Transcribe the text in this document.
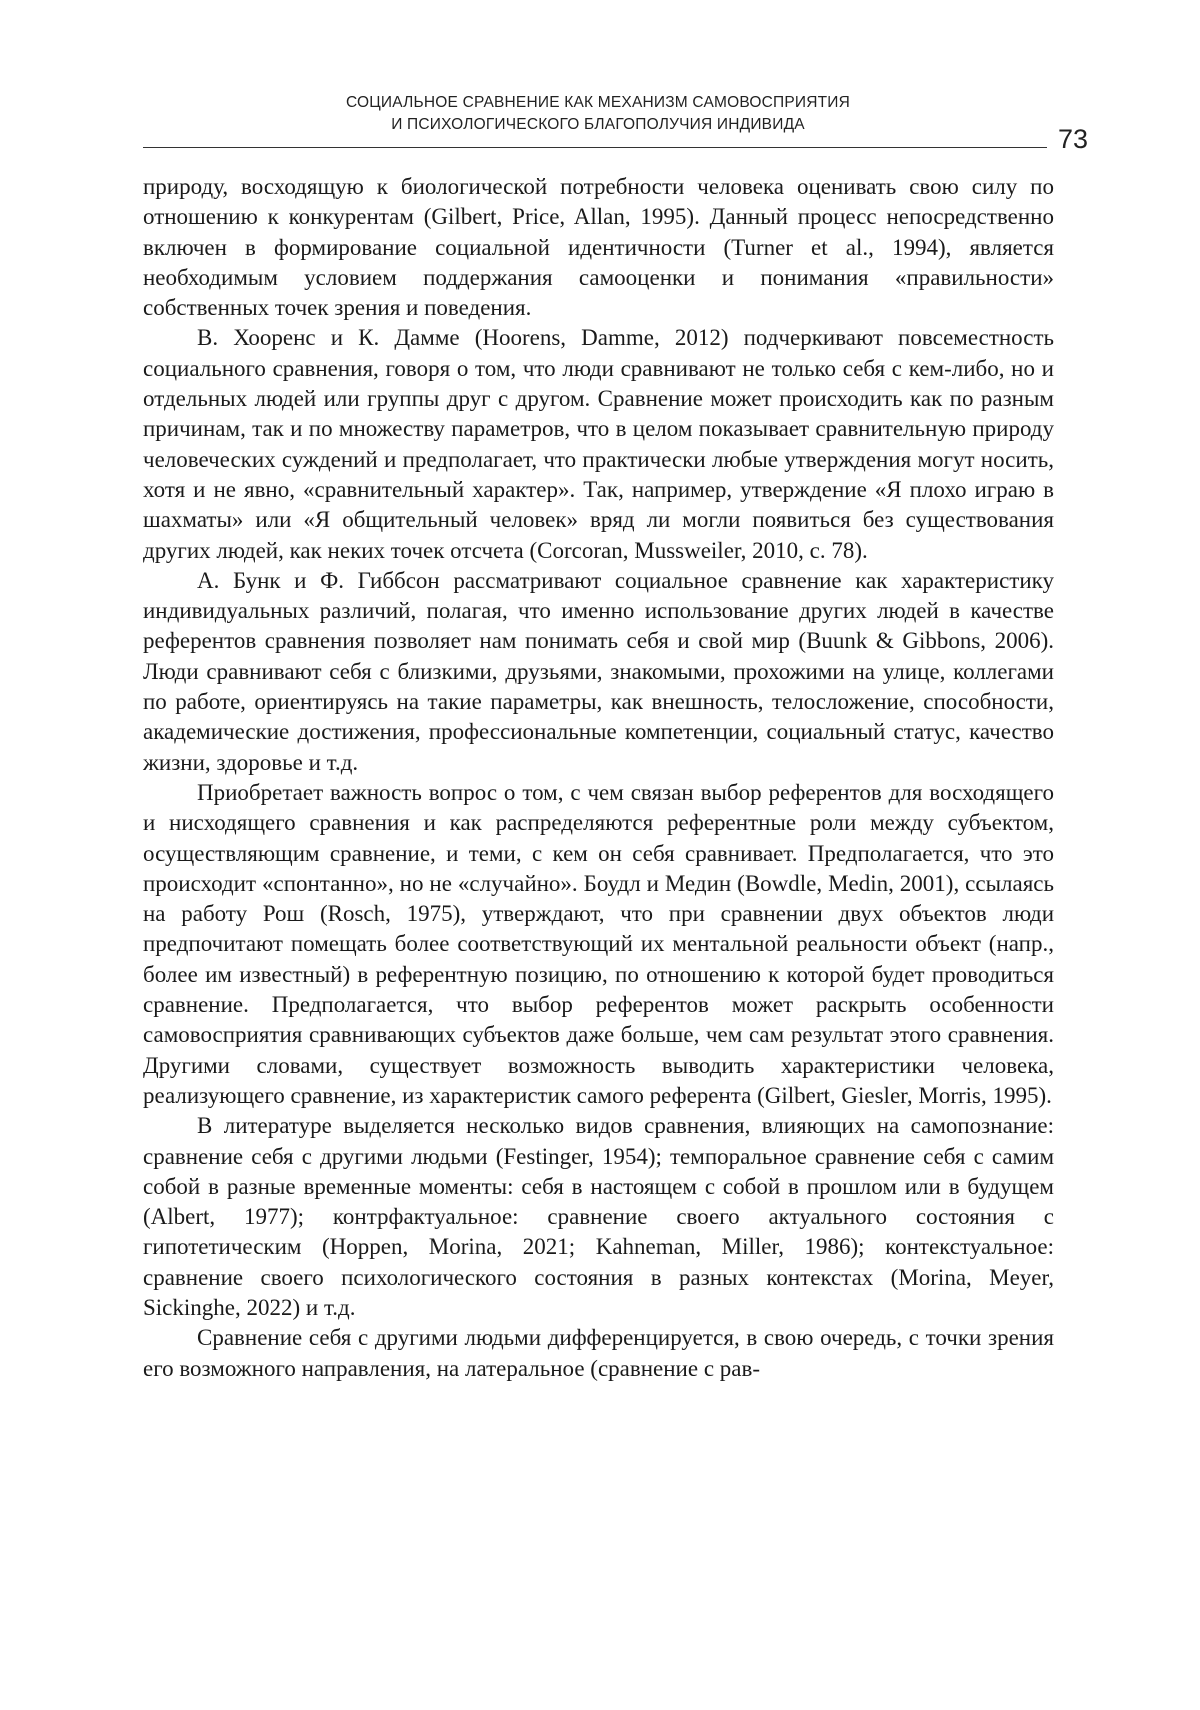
СОЦИАЛЬНОЕ СРАВНЕНИЕ КАК МЕХАНИЗМ САМОВОСПРИЯТИЯ
И ПСИХОЛОГИЧЕСКОГО БЛАГОПОЛУЧИЯ ИНДИВИДА	73

природу, восходящую к биологической потребности человека оценивать свою силу по отношению к конкурентам (Gilbert, Price, Allan, 1995). Данный процесс непосредственно включен в формирование социальной идентичности (Turner et al., 1994), является необходимым условием поддержания самооценки и понимания «правильности» собственных точек зрения и поведения.

В. Хооренс и К. Дамме (Hoorens, Damme, 2012) подчеркивают повсеместность социального сравнения, говоря о том, что люди сравнивают не только себя с кем-либо, но и отдельных людей или группы друг с другом. Сравнение может происходить как по разным причинам, так и по множеству параметров, что в целом показывает сравнительную природу человеческих суждений и предполагает, что практически любые утверждения могут носить, хотя и не явно, «сравнительный характер». Так, например, утверждение «Я плохо играю в шахматы» или «Я общительный человек» вряд ли могли появиться без существования других людей, как неких точек отсчета (Corcoran, Mussweiler, 2010, с. 78).

А. Бунк и Ф. Гиббсон рассматривают социальное сравнение как характеристику индивидуальных различий, полагая, что именно использование других людей в качестве референтов сравнения позволяет нам понимать себя и свой мир (Buunk & Gibbons, 2006). Люди сравнивают себя с близкими, друзьями, знакомыми, прохожими на улице, коллегами по работе, ориентируясь на такие параметры, как внешность, телосложение, способности, академические достижения, профессиональные компетенции, социальный статус, качество жизни, здоровье и т.д.

Приобретает важность вопрос о том, с чем связан выбор референтов для восходящего и нисходящего сравнения и как распределяются референтные роли между субъектом, осуществляющим сравнение, и теми, с кем он себя сравнивает. Предполагается, что это происходит «спонтанно», но не «случайно». Боудл и Медин (Bowdle, Medin, 2001), ссылаясь на работу Рош (Rosch, 1975), утверждают, что при сравнении двух объектов люди предпочитают помещать более соответствующий их ментальной реальности объект (напр., более им известный) в референтную позицию, по отношению к которой будет проводиться сравнение. Предполагается, что выбор референтов может раскрыть особенности самовосприятия сравнивающих субъектов даже больше, чем сам результат этого сравнения. Другими словами, существует возможность выводить характеристики человека, реализующего сравнение, из характеристик самого референта (Gilbert, Giesler, Morris, 1995).

В литературе выделяется несколько видов сравнения, влияющих на самопознание: сравнение себя с другими людьми (Festinger, 1954); темпоральное сравнение себя с самим собой в разные временные моменты: себя в настоящем с собой в прошлом или в будущем (Albert, 1977); контрфактуальное: сравнение своего актуального состояния с гипотетическим (Hoppen, Morina, 2021; Kahneman, Miller, 1986); контекстуальное: сравнение своего психологического состояния в разных контекстах (Morina, Meyer, Sickinghe, 2022) и т.д.

Сравнение себя с другими людьми дифференцируется, в свою очередь, с точки зрения его возможного направления, на латеральное (сравнение с рав-
